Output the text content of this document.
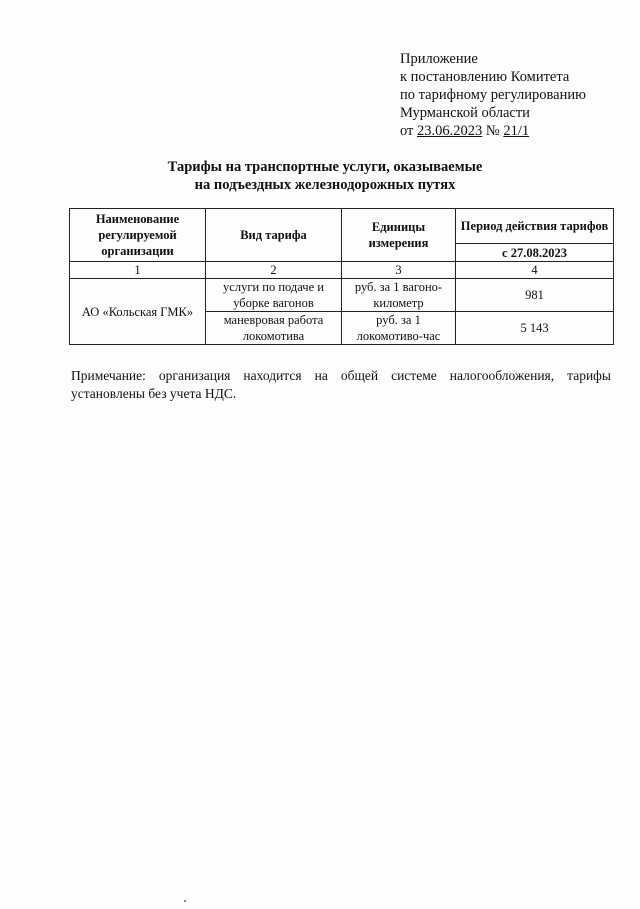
Приложение
к постановлению Комитета
по тарифному регулированию
Мурманской области
от 23.06.2023 № 21/1
Тарифы на транспортные услуги, оказываемые
на подъездных железнодорожных путях
Наименование регулируемой организации	Вид тарифа	Единицы измерения	Период действия тарифов
			с 27.08.2023
1	2	3	4
АО «Кольская ГМК»	услуги по подаче и уборке вагонов	руб. за 1 вагоно-километр	981
	маневровая работа локомотива	руб. за 1 локомотиво-час	5 143
Примечание: организация находится на общей системе налогообложения, тарифы установлены без учета НДС.
